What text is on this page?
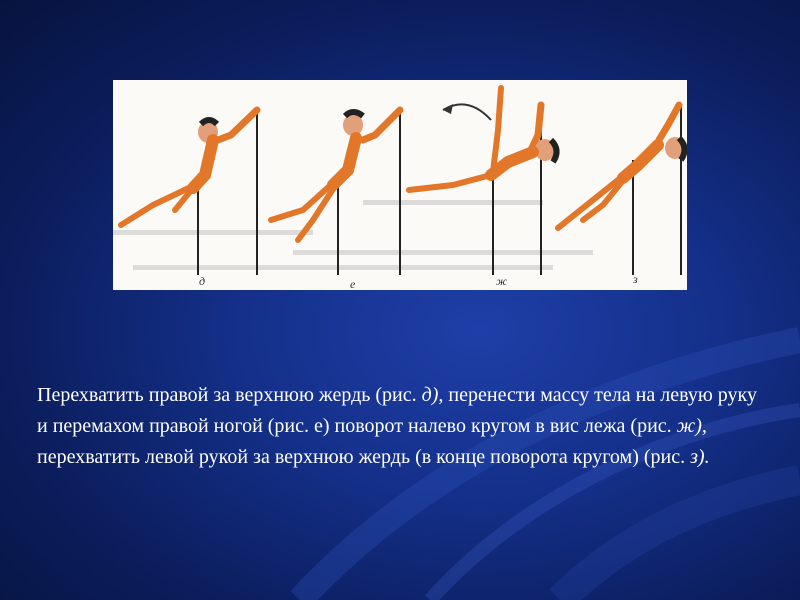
д	е	ж	з
Перехватить правой за верхнюю жердь (рис. д), перенести массу тела на левую руку и перемахом правой ногой (рис. е) поворот налево кругом в вис лежа (рис. ж), перехватить левой рукой за верхнюю жердь (в конце поворота кругом) (рис. з).
